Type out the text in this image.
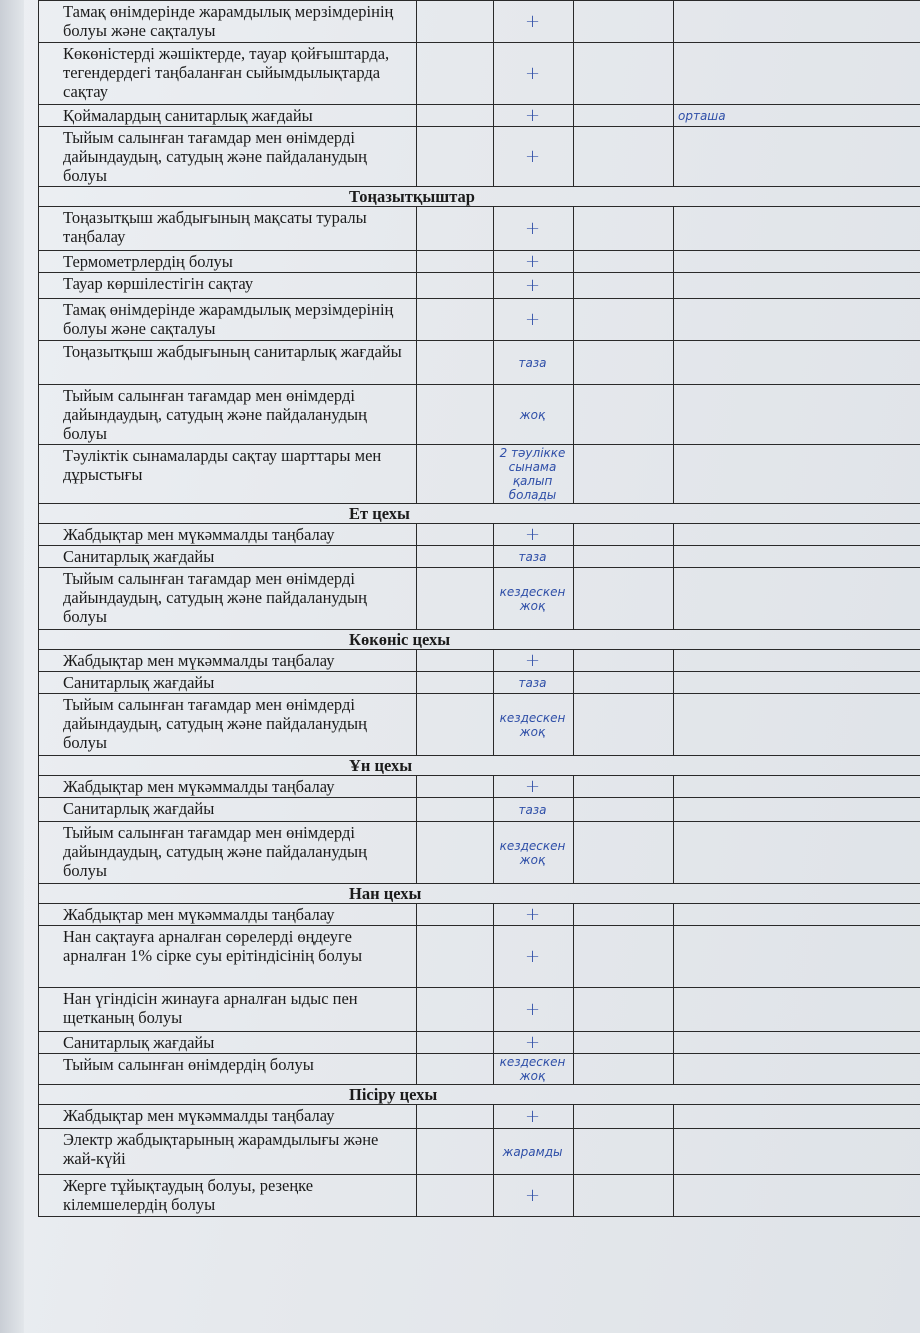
Тамақ өнімдерінде жарамдылық мерзімдерінің болуы және сақталуы		+		
Көкөністерді жәшіктерде, тауар қойғыштарда, тегендердегі таңбаланған сыйымдылықтарда сақтау		+		
Қоймалардың санитарлық жағдайы		+		орташа
Тыйым салынған тағамдар мен өнімдерді дайындаудың, сатудың және пайдаланудың болуы		+		
Тоңазытқыштар				
Тоңазытқыш жабдығының мақсаты туралы таңбалау		+		
Термометрлердің болуы		+		
Тауар көршілестігін сақтау		+		
Тамақ өнімдерінде жарамдылық мерзімдерінің болуы және сақталуы		+		
Тоңазытқыш жабдығының санитарлық жағдайы		таза		
Тыйым салынған тағамдар мен өнімдерді дайындаудың, сатудың және пайдаланудың болуы		жоқ		
Тәуліктік сынамаларды сақтау шарттары мен дұрыстығы		2 тәулікке сынама қалып болады		
Ет цехы				
Жабдықтар мен мүкәммалды таңбалау		+		
Санитарлық жағдайы		таза		
Тыйым салынған тағамдар мен өнімдерді дайындаудың, сатудың және пайдаланудың болуы		кездескен жоқ		
Көкөніс цехы				
Жабдықтар мен мүкәммалды таңбалау		+		
Санитарлық жағдайы		таза		
Тыйым салынған тағамдар мен өнімдерді дайындаудың, сатудың және пайдаланудың болуы		кездескен жоқ		
Ұн цехы				
Жабдықтар мен мүкәммалды таңбалау		+		
Санитарлық жағдайы		таза		
Тыйым салынған тағамдар мен өнімдерді дайындаудың, сатудың және пайдаланудың болуы		кездескен жоқ		
Нан цехы				
Жабдықтар мен мүкәммалды таңбалау		+		
Нан сақтауға арналған сөрелерді өңдеуге арналған 1% сірке суы ерітіндісінің болуы		+		
Нан үгіндісін жинауға арналған ыдыс пен щетканың болуы		+		
Санитарлық жағдайы		+		
Тыйым салынған өнімдердің болуы		кездескен жоқ		
Пісіру цехы				
Жабдықтар мен мүкәммалды таңбалау		+		
Электр жабдықтарының жарамдылығы және жай-күйі		жарамды		
Жерге тұйықтаудың болуы, резеңке кілемшелердің болуы		+		
